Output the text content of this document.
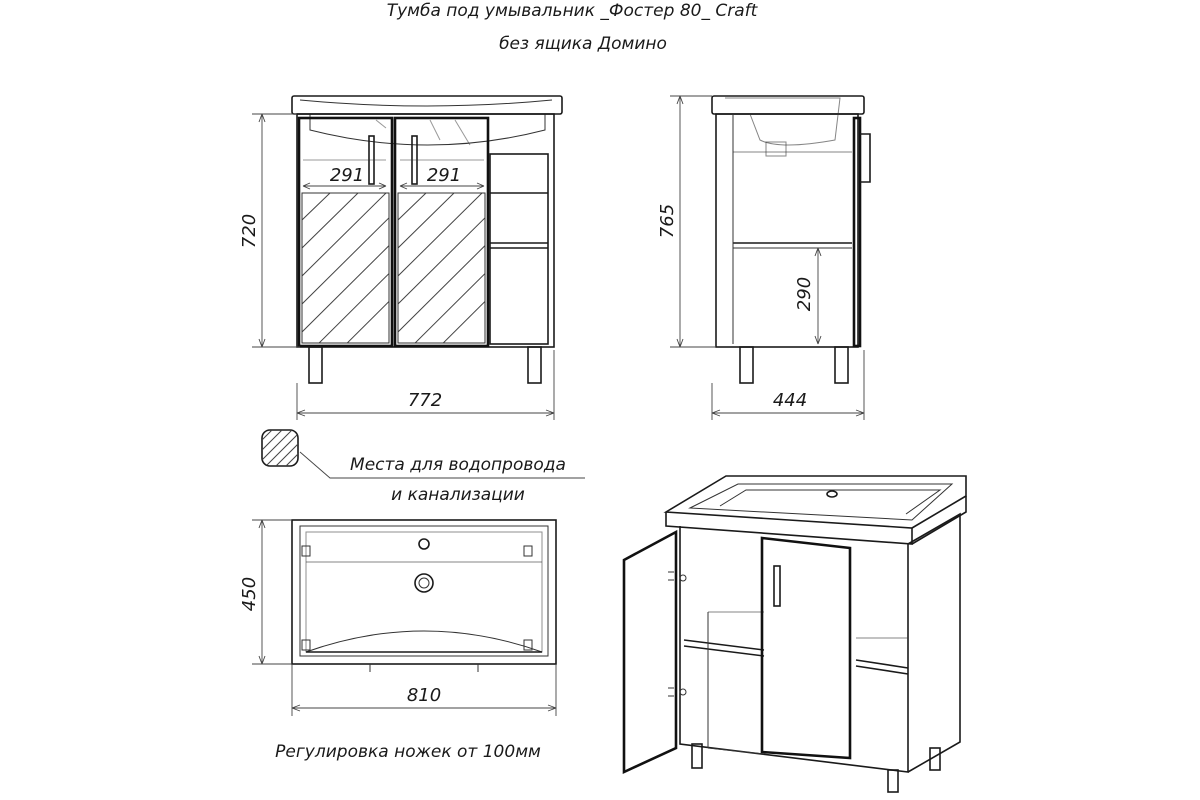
Тумба под умывальник _Фостер 80_ Craft
без ящика Домино
291	291
720
772
765
290
444
Места для водопровода
и канализации
450
810
Регулировка ножек от 100мм
